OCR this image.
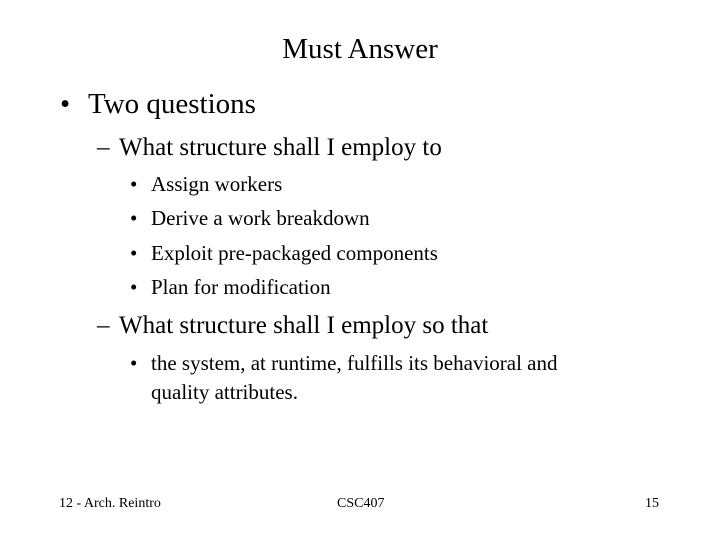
Must Answer
• Two questions
– What structure shall I employ to
• Assign workers
• Derive a work breakdown
• Exploit pre-packaged components
• Plan for modification
– What structure shall I employ so that
• the system, at runtime, fulfills its behavioral and
quality attributes.
12 - Arch. Reintro	CSC407	15
